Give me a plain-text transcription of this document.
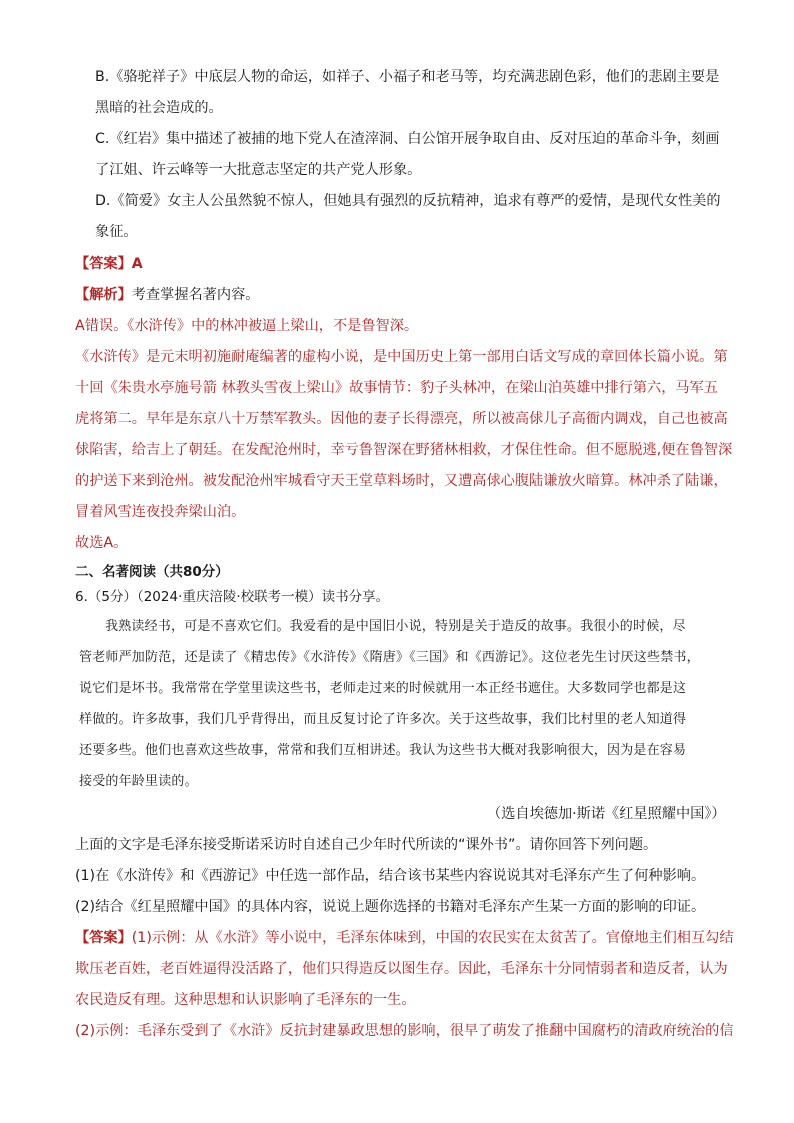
B.《骆驼祥子》中底层人物的命运，如祥子、小福子和老马等，均充满悲剧色彩，他们的悲剧主要是
黑暗的社会造成的。
C.《红岩》集中描述了被捕的地下党人在渣滓洞、白公馆开展争取自由、反对压迫的革命斗争，刻画
了江姐、许云峰等一大批意志坚定的共产党人形象。
D.《简爱》女主人公虽然貌不惊人，但她具有强烈的反抗精神，追求有尊严的爱情，是现代女性美的
象征。
【答案】A
【解析】考查掌握名著内容。
A错误。《水浒传》中的林冲被逼上梁山，不是鲁智深。
《水浒传》是元末明初施耐庵编著的虚构小说，是中国历史上第一部用白话文写成的章回体长篇小说。第
十回《朱贵水亭施号箭 林教头雪夜上梁山》故事情节：豹子头林冲，在梁山泊英雄中排行第六，马军五
虎将第二。早年是东京八十万禁军教头。因他的妻子长得漂亮，所以被高俅儿子高衙内调戏，自己也被高
俅陷害，给吉上了朝廷。在发配沧州时，幸亏鲁智深在野猪林相救，才保住性命。但不愿脱逃,便在鲁智深
的护送下来到沧州。被发配沧州牢城看守天王堂草料场时，又遭高俅心腹陆谦放火暗算。林冲杀了陆谦，
冒着风雪连夜投奔梁山泊。
故选A。
二、名著阅读（共80分）
6.（5分）（2024·重庆涪陵·校联考一模）读书分享。
我熟读经书，可是不喜欢它们。我爱看的是中国旧小说，特别是关于造反的故事。我很小的时候，尽
管老师严加防范，还是读了《精忠传》《水浒传》《隋唐》《三国》和《西游记》。这位老先生讨厌这些禁书，
说它们是坏书。我常常在学堂里读这些书，老师走过来的时候就用一本正经书遮住。大多数同学也都是这
样做的。许多故事，我们几乎背得出，而且反复讨论了许多次。关于这些故事，我们比村里的老人知道得
还要多些。他们也喜欢这些故事，常常和我们互相讲述。我认为这些书大概对我影响很大，因为是在容易
接受的年龄里读的。
（选自埃德加·斯诺《红星照耀中国》）
上面的文字是毛泽东接受斯诺采访时自述自己少年时代所读的“课外书”。请你回答下列问题。
(1)在《水浒传》和《西游记》中任选一部作品，结合该书某些内容说说其对毛泽东产生了何种影响。
(2)结合《红星照耀中国》的具体内容，说说上题你选择的书籍对毛泽东产生某一方面的影响的印证。
【答案】(1)示例：从《水浒》等小说中，毛泽东体味到，中国的农民实在太贫苦了。官僚地主们相互勾结
欺压老百姓，老百姓逼得没活路了，他们只得造反以图生存。因此，毛泽东十分同情弱者和造反者，认为
农民造反有理。这种思想和认识影响了毛泽东的一生。
(2)示例：毛泽东受到了《水浒》反抗封建暴政思想的影响，很早了萌发了推翻中国腐朽的清政府统治的信
